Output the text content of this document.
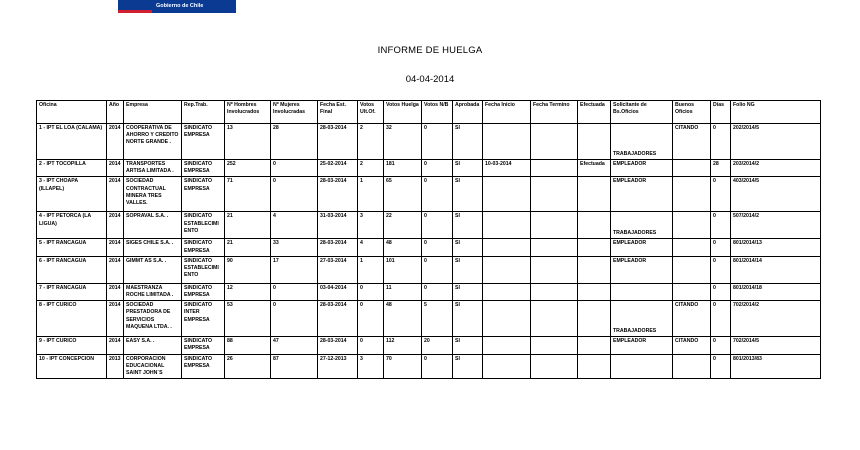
Gobierno de Chile
INFORME DE HUELGA
04-04-2014
Oficina	Año	Empresa	Rep.Trab.	Nº Hombres Involucrados	Nº Mujeres Involucradas	Fecha Est. Final	Votos Ult.Of.	Votos Huelga	Votos N/B	Aprobada	Fecha Inicio	Fecha Termino	Efectuada	Solicitante de Bs.Oficios	Buenos Oficios	Días	Folio NG
1 - IPT EL LOA (CALAMA)	2014	COOPERATIVA DE AHORRO Y CREDITO NORTE GRANDE .	SINDICATO EMPRESA	13	28	28-03-2014	2	32	0	SI				TRABAJADORES	CITANDO	0	202/2014/5
2 - IPT TOCOPILLA	2014	TRANSPORTES ARTISA LIMITADA .	SINDICATO EMPRESA	252	0	25-02-2014	2	181	0	SI	10-03-2014		Efectuada	EMPLEADOR		28	203/2014/2
3 - IPT CHOAPA (ILLAPEL)	2014	SOCIEDAD CONTRACTUAL MINERA TRES VALLES.	SINDICATO EMPRESA	71	0	28-03-2014	1	65	0	SI				EMPLEADOR		0	403/2014/5
4 - IPT PETORCA (LA LIGUA)	2014	SOPRAVAL S.A. .	SINDICATO ESTABLECIMIENTO	21	4	31-03-2014	3	22	0	SI				TRABAJADORES		0	507/2014/2
5 - IPT RANCAGUA	2014	SIGES CHILE S.A. .	SINDICATO EMPRESA	21	33	28-03-2014	4	48	0	SI				EMPLEADOR		0	801/2014/13
6 - IPT RANCAGUA	2014	GIMMT AS S.A. .	SINDICATO ESTABLECIMIENTO	90	17	27-03-2014	1	101	0	SI				EMPLEADOR		0	801/2014/14
7 - IPT RANCAGUA	2014	MAESTRANZA ROCHE LIMITADA .	SINDICATO EMPRESA	12	0	03-04-2014	0	11	0	SI						0	801/2014/18
8 - IPT CURICO	2014	SOCIEDAD PRESTADORA DE SERVICIOS MAQUENA LTDA. .	SINDICATO INTER EMPRESA	53	0	28-03-2014	0	48	5	SI				TRABAJADORES	CITANDO	0	702/2014/2
9 - IPT CURICO	2014	EASY S.A. .	SINDICATO EMPRESA	88	47	28-03-2014	0	112	20	SI				EMPLEADOR	CITANDO	0	702/2014/5
10 - IPT CONCEPCION	2013	CORPORACION EDUCACIONAL SAINT JOHN`S	SINDICATO EMPRESA	26	87	27-12-2013	3	70	0	SI						0	801/2013/83
